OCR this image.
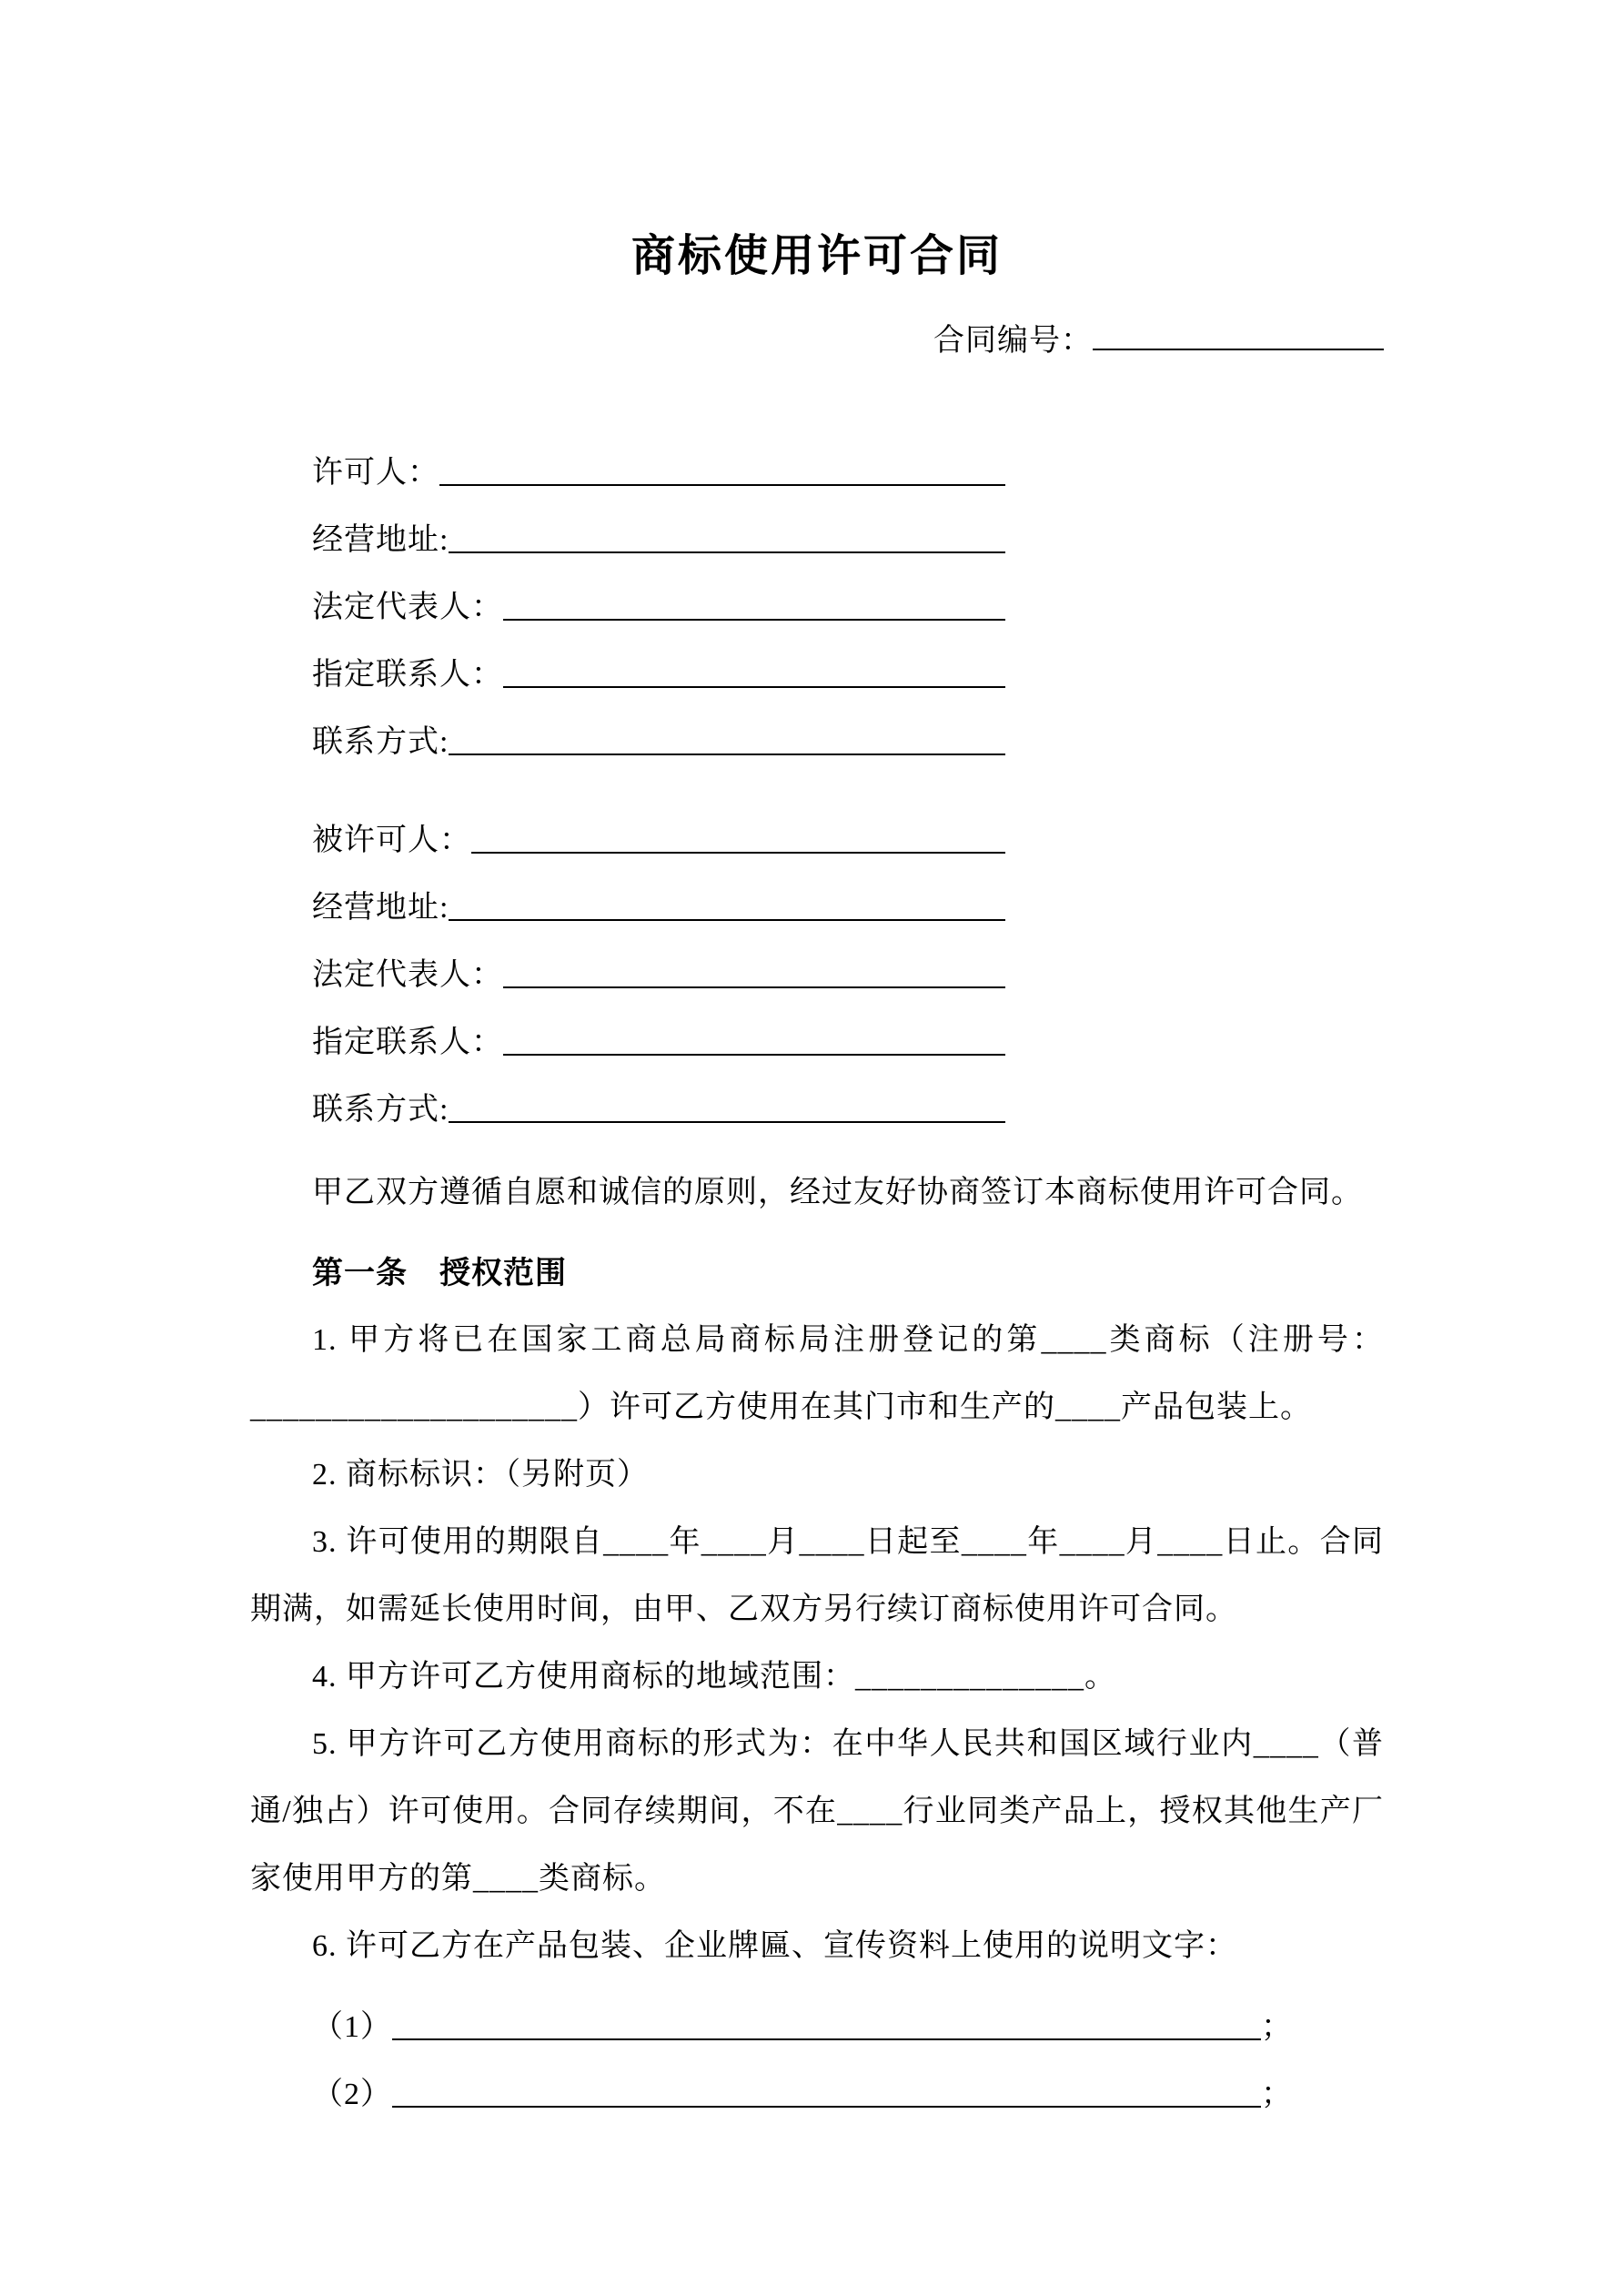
商标使用许可合同
合同编号：
许可人：
经营地址:
法定代表人：
指定联系人：
联系方式:
被许可人：
经营地址:
法定代表人：
指定联系人：
联系方式:

甲乙双方遵循自愿和诚信的原则，经过友好协商签订本商标使用许可合同。

第一条　授权范围

1. 甲方将已在国家工商总局商标局注册登记的第____类商标（注册号：____________________）许可乙方使用在其门市和生产的____产品包装上。

2. 商标标识：（另附页）

3. 许可使用的期限自____年____月____日起至____年____月____日止。合同期满，如需延长使用时间，由甲、乙双方另行续订商标使用许可合同。

4. 甲方许可乙方使用商标的地域范围：______________。

5. 甲方许可乙方使用商标的形式为：在中华人民共和国区域行业内____（普通/独占）许可使用。合同存续期间，不在____行业同类产品上，授权其他生产厂家使用甲方的第____类商标。

6. 许可乙方在产品包装、企业牌匾、宣传资料上使用的说明文字：

（1）	；
（2）	；
